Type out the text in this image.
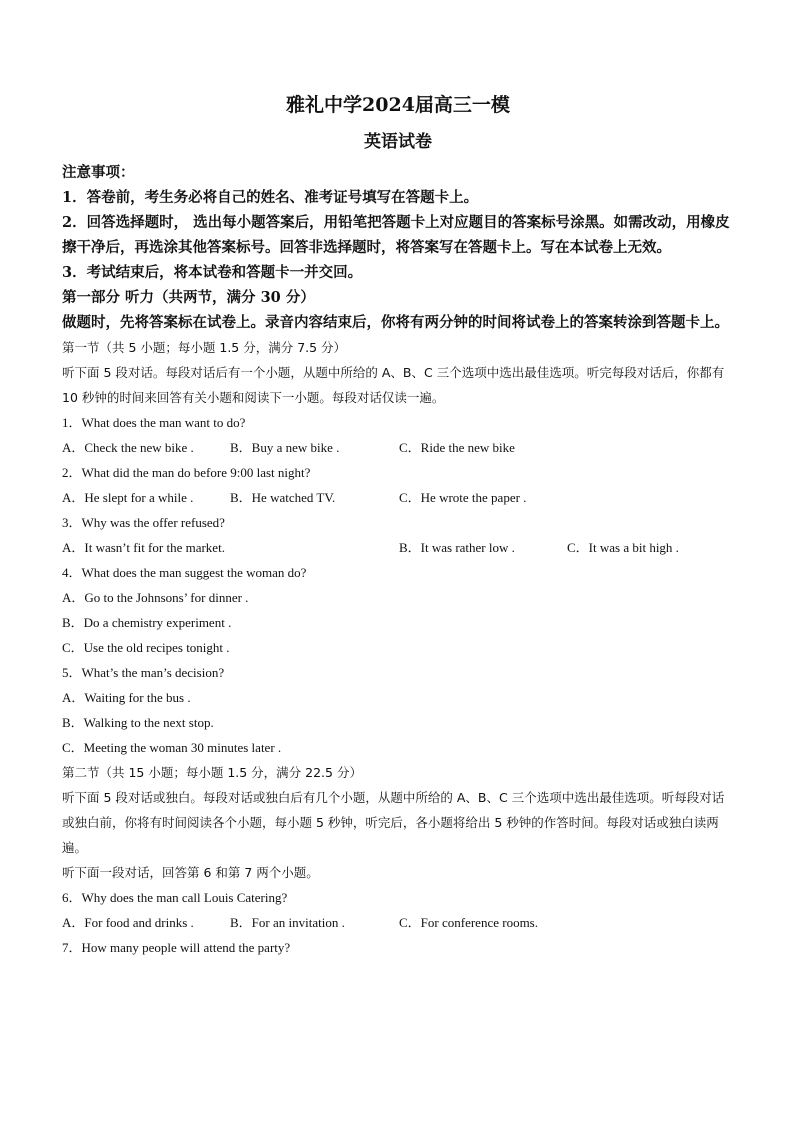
雅礼中学2024届高三一模
英语试卷

注意事项：

1．答卷前，考生务必将自己的姓名、准考证号填写在答题卡上。

2．回答选择题时， 选出每小题答案后，用铅笔把答题卡上对应题目的答案标号涂黑。如需改动，用橡皮擦干净后，再选涂其他答案标号。回答非选择题时，将答案写在答题卡上。写在本试卷上无效。

3．考试结束后，将本试卷和答题卡一并交回。

第一部分 听力（共两节，满分 30 分）

做题时，先将答案标在试卷上。录音内容结束后，你将有两分钟的时间将试卷上的答案转涂到答题卡上。

第一节（共 5 小题；每小题 1.5 分，满分 7.5 分）

听下面 5 段对话。每段对话后有一个小题，从题中所给的 A、B、C 三个选项中选出最佳选项。听完每段对话后，你都有 10 秒钟的时间来回答有关小题和阅读下一小题。每段对话仅读一遍。

1．What does the man want to do?

A．Check the new bike .	B．Buy a new bike .	C．Ride the new bike

2．What did the man do before 9:00 last night?

A．He slept for a while .	B．He watched TV.	C．He wrote the paper .

3．Why was the offer refused?

A．It wasn’t fit for the market.	B．It was rather low .	C．It was a bit high .

4．What does the man suggest the woman do?

A．Go to the Johnsons’ for dinner .

B．Do a chemistry experiment .

C．Use the old recipes tonight .

5．What’s the man’s decision?

A．Waiting for the bus .

B．Walking to the next stop.

C．Meeting the woman 30 minutes later .

第二节（共 15 小题；每小题 1.5 分，满分 22.5 分）

听下面 5 段对话或独白。每段对话或独白后有几个小题，从题中所给的 A、B、C 三个选项中选出最佳选项。听每段对话或独白前，你将有时间阅读各个小题，每小题 5 秒钟，听完后，各小题将给出 5 秒钟的作答时间。每段对话或独白读两遍。

听下面一段对话，回答第 6 和第 7 两个小题。

6．Why does the man call Louis Catering?

A．For food and drinks .	B．For an invitation .	C．For conference rooms.

7．How many people will attend the party?
